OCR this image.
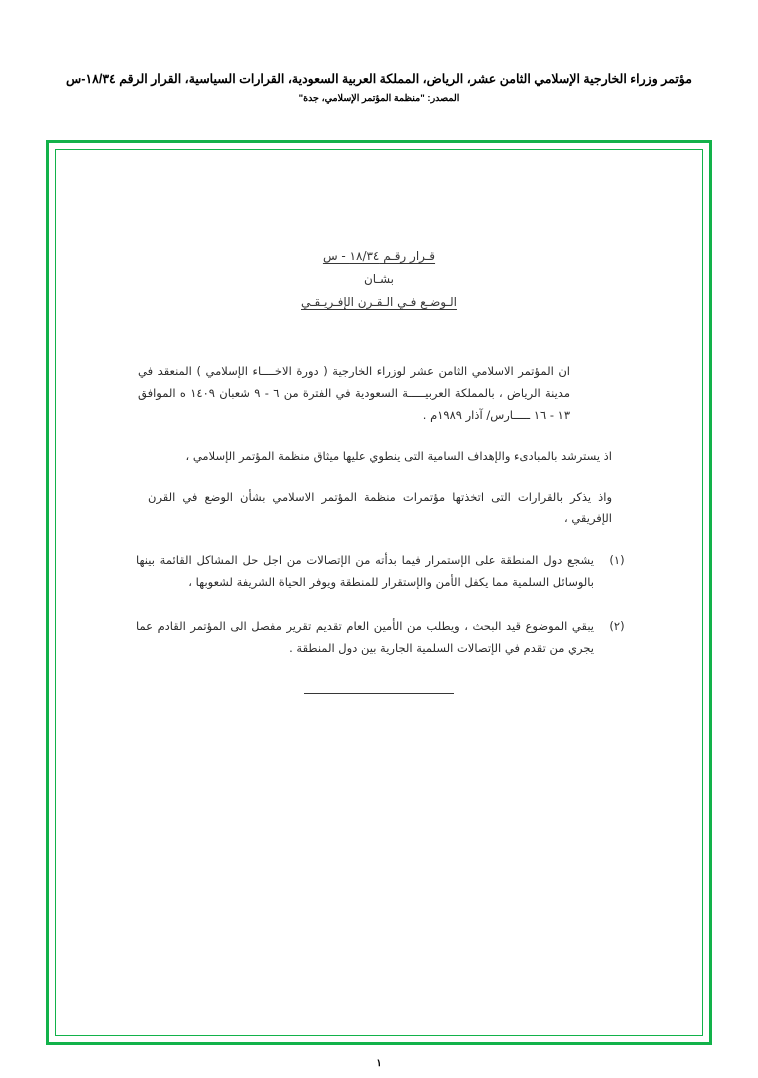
مؤتمر وزراء الخارجية الإسلامي الثامن عشر، الرياض، المملكة العربية السعودية، القرارات السياسية، القرار الرقم ١٨/٣٤-س
المصدر: "منظمة المؤتمر الإسلامي، جدة"
قـرار رقـم ١٨/٣٤ - س
بشـان
الـوضـع فـي الـقـرن الإفـريـقـي
ان المؤتمر الاسلامي الثامن عشر لوزراء الخارجية ( دورة الاخــــاء الإسلامي ) المنعقد في مدينة الرياض ، بالمملكة العربيـــــة السعودية في الفترة من ٦ - ٩ شعبان ١٤٠٩ ه الموافق ١٣ - ١٦ ـــــارس/ آذار ١٩٨٩م .
اذ يسترشد بالمبادىء والإهداف السامية التى ينطوي عليها ميثاق منظمة المؤتمر الإسلامي ،
واذ يذكر بالقرارات التى اتخذتها مؤتمرات منظمة المؤتمر الاسلامي بشأن الوضع في القرن الإفريقي ،
(١)
يشجع دول المنطقة على الإستمرار فيما بدأته من الإتصالات من اجل حل المشاكل القائمة بينها بالوسائل السلمية مما يكفل الأمن والإستقرار للمنطقة ويوفر الحياة الشريفة لشعوبها ،
(٢)
يبقي الموضوع قيد البحث ، ويطلب من الأمين العام تقديم تقرير مفصل الى المؤتمر القادم عما يجري من تقدم في الإتصالات السلمية الجارية بين دول المنطقة .
١
